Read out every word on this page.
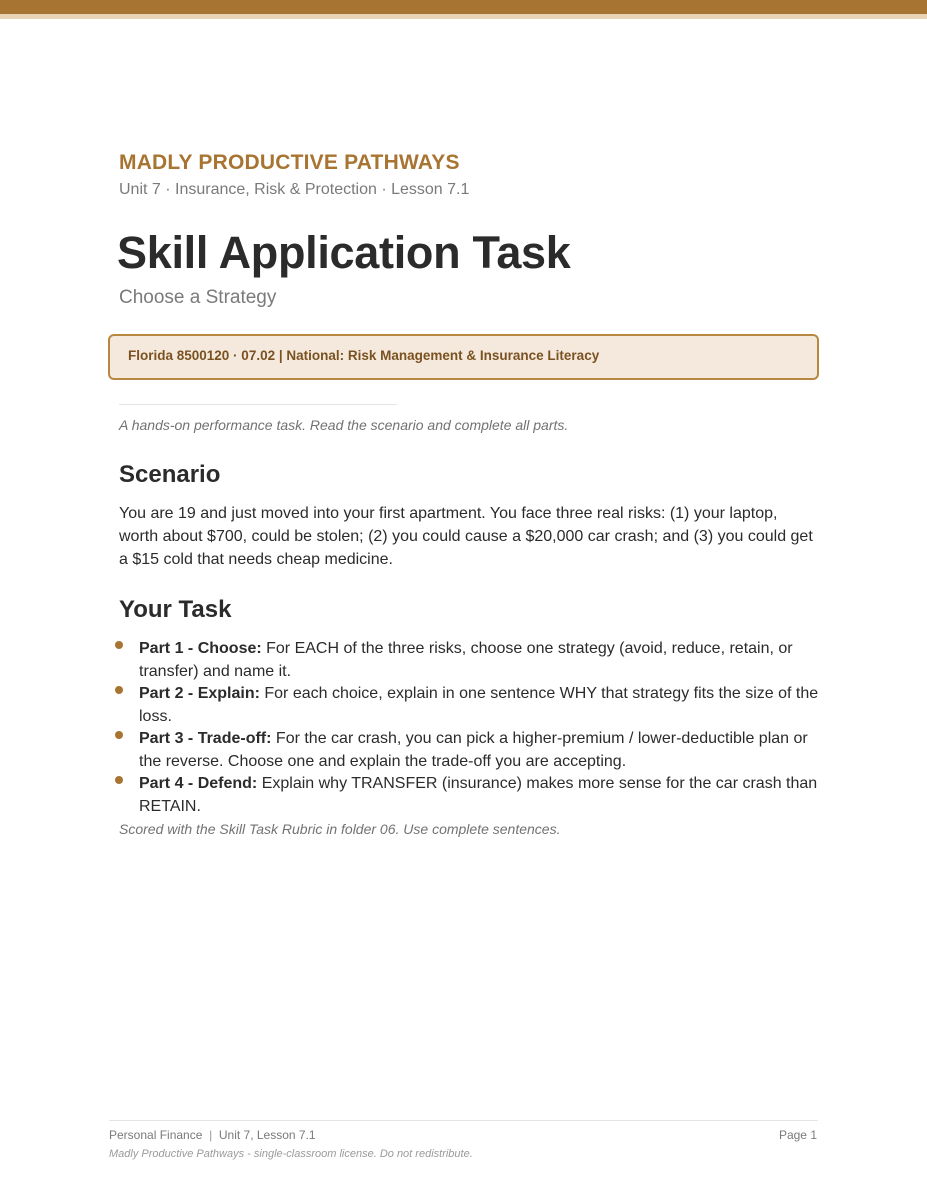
MADLY PRODUCTIVE PATHWAYS
Unit 7 · Insurance, Risk & Protection · Lesson 7.1
Skill Application Task
Choose a Strategy
Florida 8500120 · 07.02 | National: Risk Management & Insurance Literacy
A hands-on performance task. Read the scenario and complete all parts.
Scenario

You are 19 and just moved into your first apartment. You face three real risks: (1) your laptop, worth about $700, could be stolen; (2) you could cause a $20,000 car crash; and (3) you could get a $15 cold that needs cheap medicine.

Your Task
Part 1 - Choose: For EACH of the three risks, choose one strategy (avoid, reduce, retain, or transfer) and name it.
Part 2 - Explain: For each choice, explain in one sentence WHY that strategy fits the size of the loss.
Part 3 - Trade-off: For the car crash, you can pick a higher-premium / lower-deductible plan or the reverse. Choose one and explain the trade-off you are accepting.
Part 4 - Defend: Explain why TRANSFER (insurance) makes more sense for the car crash than RETAIN.
Scored with the Skill Task Rubric in folder 06. Use complete sentences.
Personal Finance | Unit 7, Lesson 7.1	Page 1
Madly Productive Pathways - single-classroom license. Do not redistribute.
